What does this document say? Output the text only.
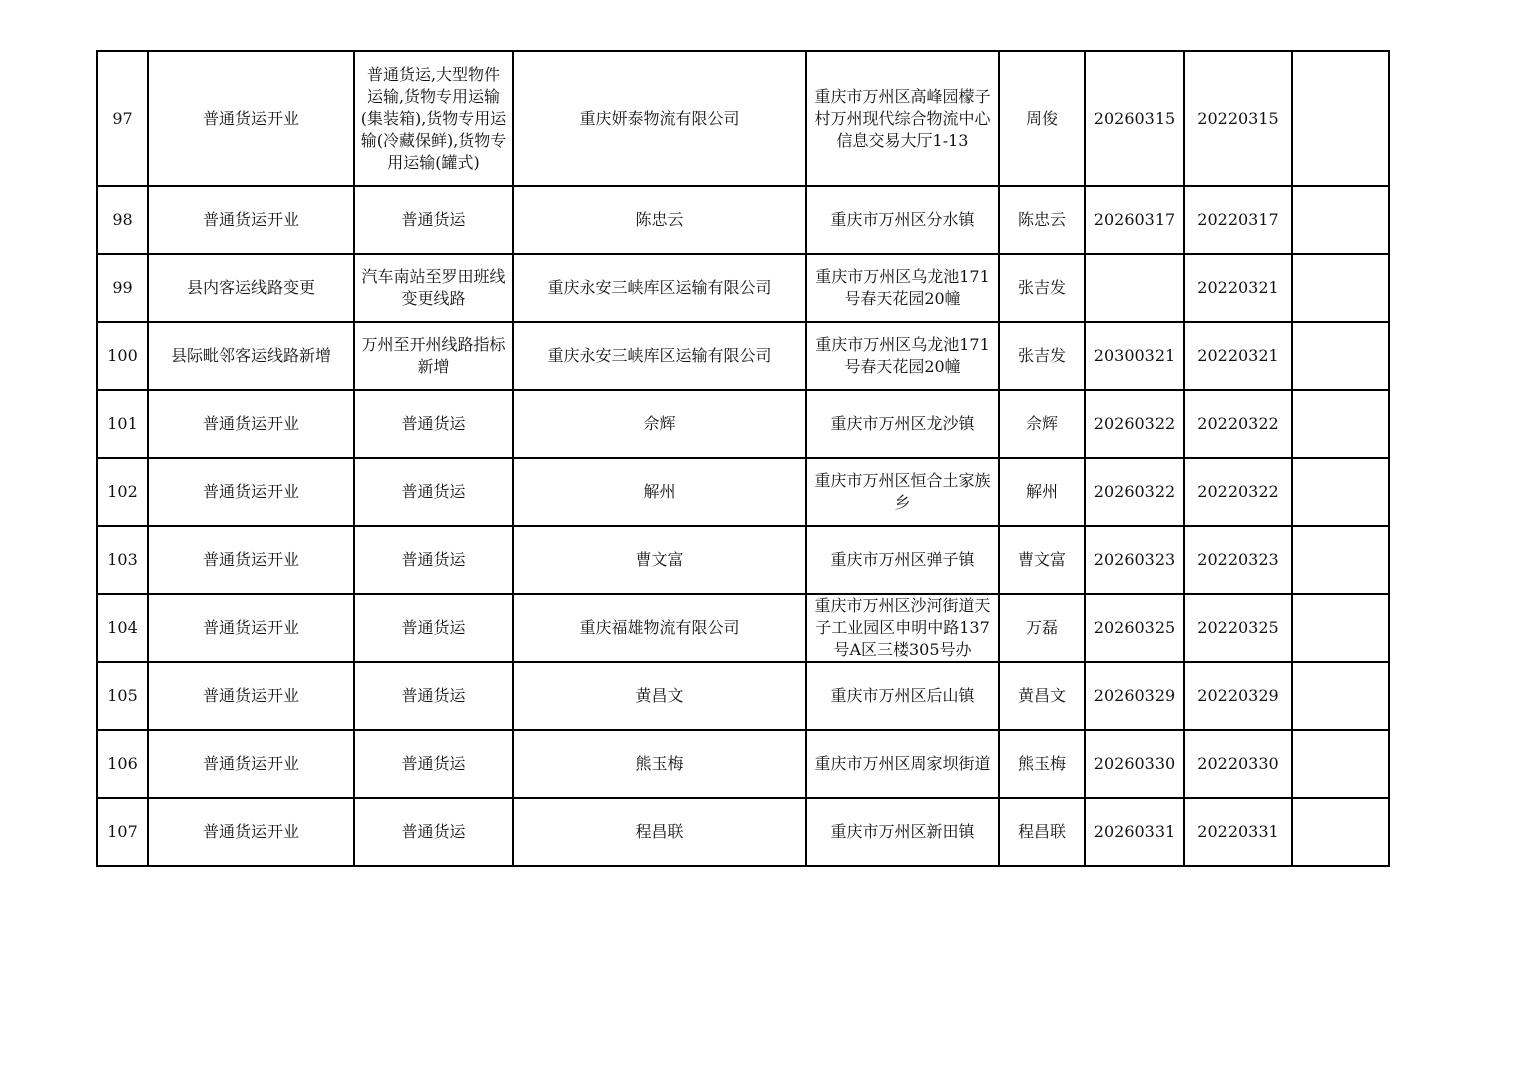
97	普通货运开业	普通货运,大型物件运输,货物专用运输(集装箱),货物专用运输(冷藏保鲜),货物专用运输(罐式)	重庆妍泰物流有限公司	重庆市万州区高峰园檬子村万州现代综合物流中心信息交易大厅1-13	周俊	20260315	20220315	
98	普通货运开业	普通货运	陈忠云	重庆市万州区分水镇	陈忠云	20260317	20220317	
99	县内客运线路变更	汽车南站至罗田班线变更线路	重庆永安三峡库区运输有限公司	重庆市万州区乌龙池171号春天花园20幢	张吉发		20220321	
100	县际毗邻客运线路新增	万州至开州线路指标新增	重庆永安三峡库区运输有限公司	重庆市万州区乌龙池171号春天花园20幢	张吉发	20300321	20220321	
101	普通货运开业	普通货运	佘辉	重庆市万州区龙沙镇	佘辉	20260322	20220322	
102	普通货运开业	普通货运	解州	重庆市万州区恒合土家族乡	解州	20260322	20220322	
103	普通货运开业	普通货运	曹文富	重庆市万州区弹子镇	曹文富	20260323	20220323	
104	普通货运开业	普通货运	重庆福雄物流有限公司	重庆市万州区沙河街道天子工业园区申明中路137号A区三楼305号办	万磊	20260325	20220325	
105	普通货运开业	普通货运	黄昌文	重庆市万州区后山镇	黄昌文	20260329	20220329	
106	普通货运开业	普通货运	熊玉梅	重庆市万州区周家坝街道	熊玉梅	20260330	20220330	
107	普通货运开业	普通货运	程昌联	重庆市万州区新田镇	程昌联	20260331	20220331	
